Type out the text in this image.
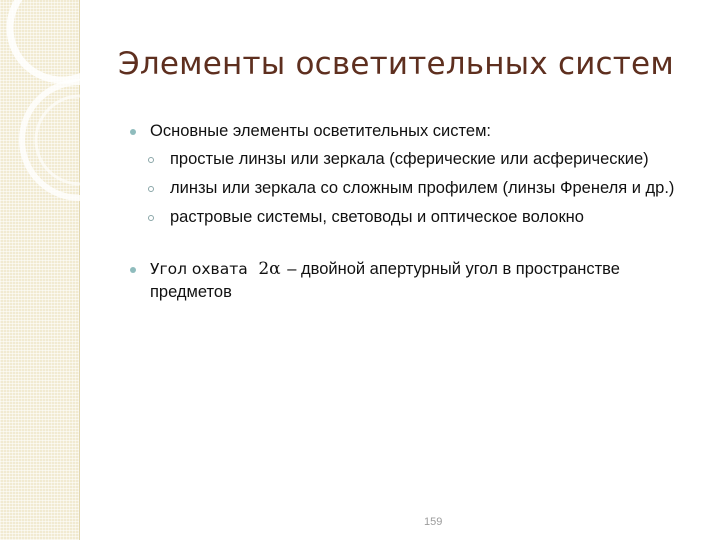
Элементы осветительных систем
Основные элементы осветительных систем:
простые линзы или зеркала (сферические или асферические)
линзы или зеркала со сложным профилем (линзы Френеля и др.)
растровые системы, световоды и оптическое волокно
Угол охвата 2α – двойной апертурный угол в пространстве предметов
159
